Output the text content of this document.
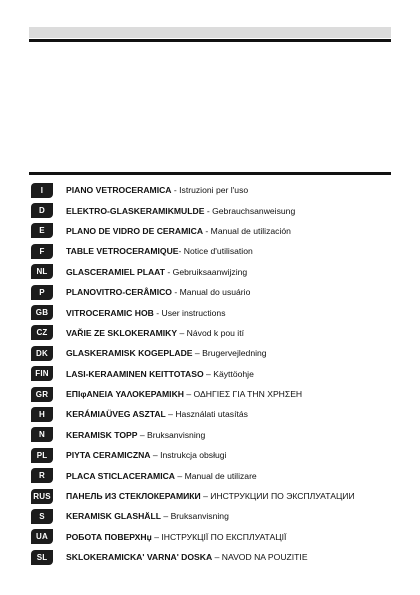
I	PIANO VETROCERAMICA - Istruzioni per l'uso
D	ELEKTRO-GLASKERAMIKMULDE - Gebrauchsanweisung
E	PLANO DE VIDRO DE CERAMICA - Manual de utilización
F	TABLE VETROCERAMIQUE- Notice d'utilisation
NL	GLASCERAMIEL PLAAT - Gebruiksaanwijzing
P	PLANOVITRO-CERÂMICO - Manual do usuário
GB	VITROCERAMIC HOB - User instructions
CZ	VAŘIE ZE SKLOKERAMIKY – Návod k pou ití
DK	GLASKERAMISK KOGEPLADE – Brugervejledning
FIN	LASI-KERAAMINEN KEITTOTASO – Käyttöohje
GR	ΕΠΙφΑΝΕΙΑ ΥΑΛΟΚΕΡΑΜΙΚΗ – ΟΔΗΓΙΕΣ ΓΙΑ ΤΗΝ ΧΡΗΣΕΗ
H	KERÁMIAÜVEG ASZTAL – Használati utasítás
N	KERAMISK TOPP – Bruksanvisning
PL	PIYTA CERAMICZNA – Instrukcja obsługi
R	PLACA STICLACERAMICA – Manual de utilizare
RUS ПАНЕЛЬ ИЗ СТЕКЛОКЕРАМИКИ – ИНСТРУКЦИИ ПО ЭКСПЛУАТАЦИИ
S	KERAMISK GLASHÄLL – Bruksanvisning
UA	РОБОТА ПОВЕРХНџ – ІНСТРУКЦІЇ ПО ЕКСПЛУАТАЦІЇ
SL	SKLOKERAMICKA' VARNA' DOSKA – NAVOD NA POUZITIE
